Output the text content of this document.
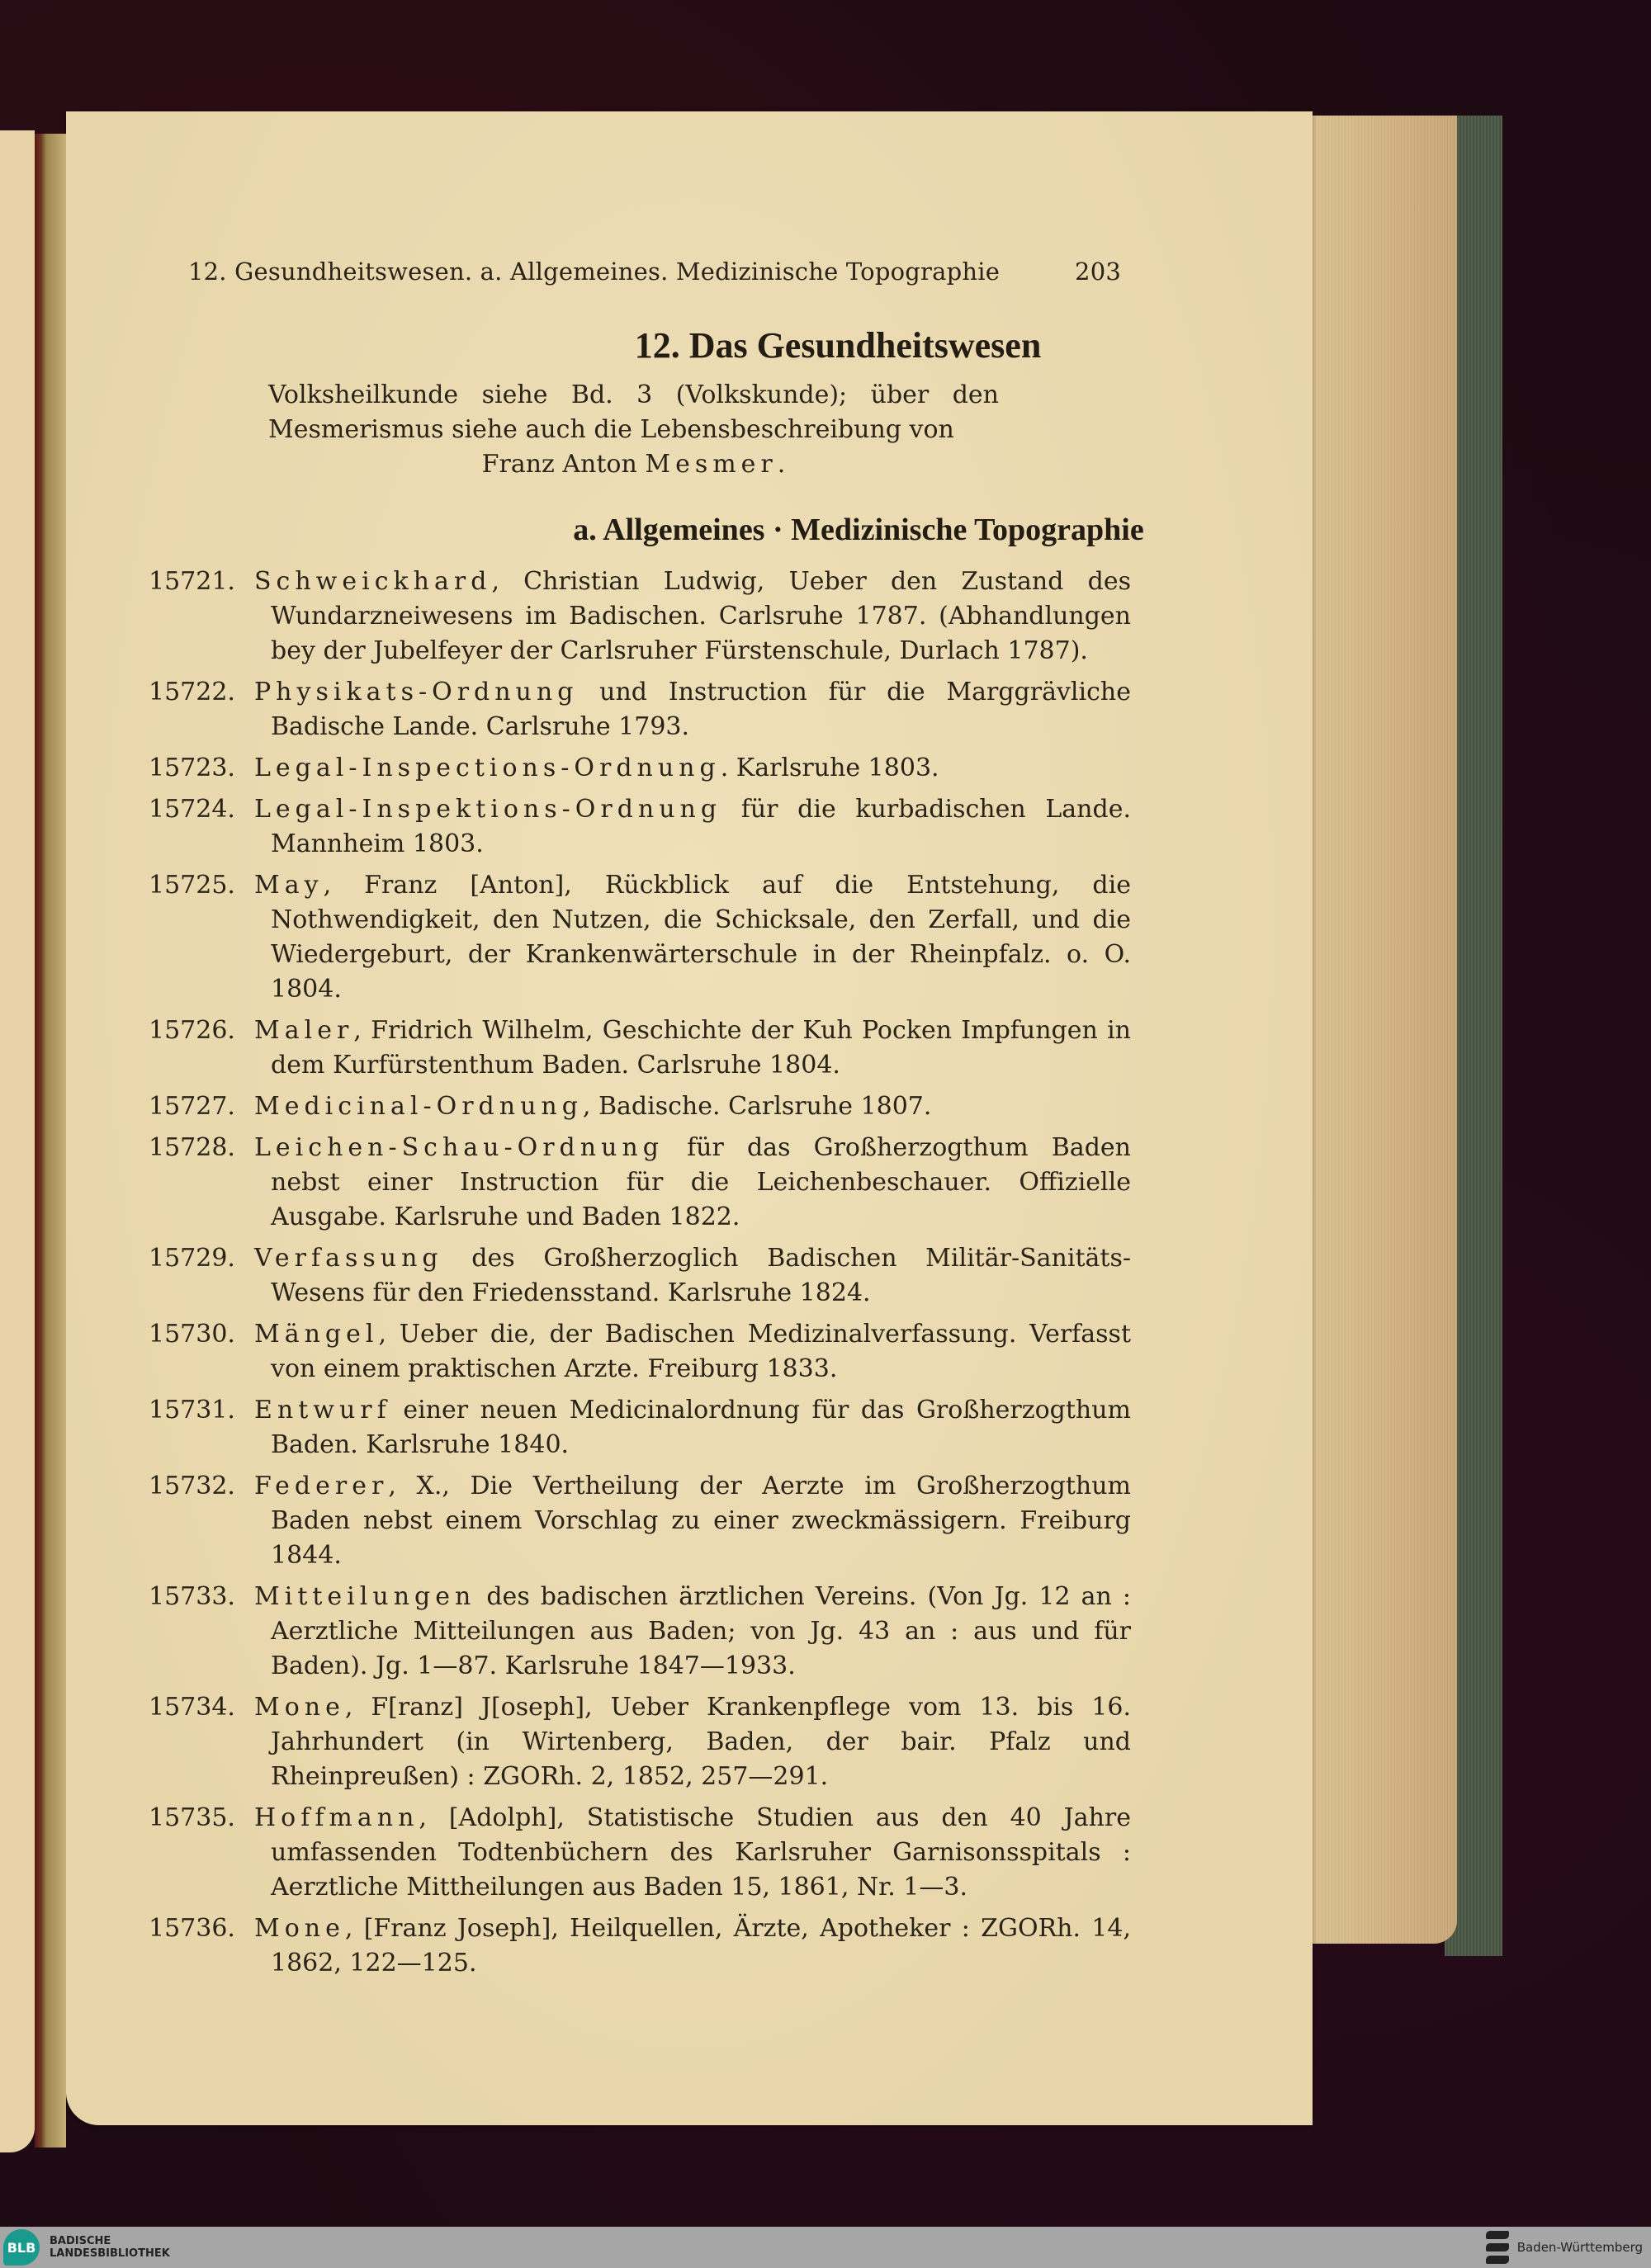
12. Gesundheitswesen. a. Allgemeines. Medizinische Topographie	203
12. Das Gesundheitswesen
Volksheilkunde siehe Bd. 3 (Volkskunde); über den Mesmerismus siehe auch die Lebensbeschreibung von
Franz Anton Mesmer.
a. Allgemeines · Medizinische Topographie
15721. Schweickhard, Christian Ludwig, Ueber den Zustand des Wundarzneiwesens im Badischen. Carlsruhe 1787. (Abhandlungen bey der Jubelfeyer der Carlsruher Fürstenschule, Durlach 1787).
15722. Physikats-Ordnung und Instruction für die Marggrävliche Badische Lande. Carlsruhe 1793.
15723. Legal-Inspections-Ordnung. Karlsruhe 1803.
15724. Legal-Inspektions-Ordnung für die kurbadischen Lande. Mannheim 1803.
15725. May, Franz [Anton], Rückblick auf die Entstehung, die Nothwendigkeit, den Nutzen, die Schicksale, den Zerfall, und die Wiedergeburt, der Krankenwärterschule in der Rheinpfalz. o. O. 1804.
15726. Maler, Fridrich Wilhelm, Geschichte der Kuh Pocken Impfungen in dem Kurfürstenthum Baden. Carlsruhe 1804.
15727. Medicinal-Ordnung, Badische. Carlsruhe 1807.
15728. Leichen-Schau-Ordnung für das Großherzogthum Baden nebst einer Instruction für die Leichenbeschauer. Offizielle Ausgabe. Karlsruhe und Baden 1822.
15729. Verfassung des Großherzoglich Badischen Militär-Sanitäts-Wesens für den Friedensstand. Karlsruhe 1824.
15730. Mängel, Ueber die, der Badischen Medizinalverfassung. Verfasst von einem praktischen Arzte. Freiburg 1833.
15731. Entwurf einer neuen Medicinalordnung für das Großherzogthum Baden. Karlsruhe 1840.
15732. Federer, X., Die Vertheilung der Aerzte im Großherzogthum Baden nebst einem Vorschlag zu einer zweckmässigern. Freiburg 1844.
15733. Mitteilungen des badischen ärztlichen Vereins. (Von Jg. 12 an : Aerztliche Mitteilungen aus Baden; von Jg. 43 an : aus und für Baden). Jg. 1—87. Karlsruhe 1847—1933.
15734. Mone, F[ranz] J[oseph], Ueber Krankenpflege vom 13. bis 16. Jahrhundert (in Wirtenberg, Baden, der bair. Pfalz und Rheinpreußen) : ZGORh. 2, 1852, 257—291.
15735. Hoffmann, [Adolph], Statistische Studien aus den 40 Jahre umfassenden Todtenbüchern des Karlsruher Garnisonsspitals : Aerztliche Mittheilungen aus Baden 15, 1861, Nr. 1—3.
15736. Mone, [Franz Joseph], Heilquellen, Ärzte, Apotheker : ZGORh. 14, 1862, 122—125.
BLB	BADISCHE
LANDESBIBLIOTHEK	Baden-Württemberg
